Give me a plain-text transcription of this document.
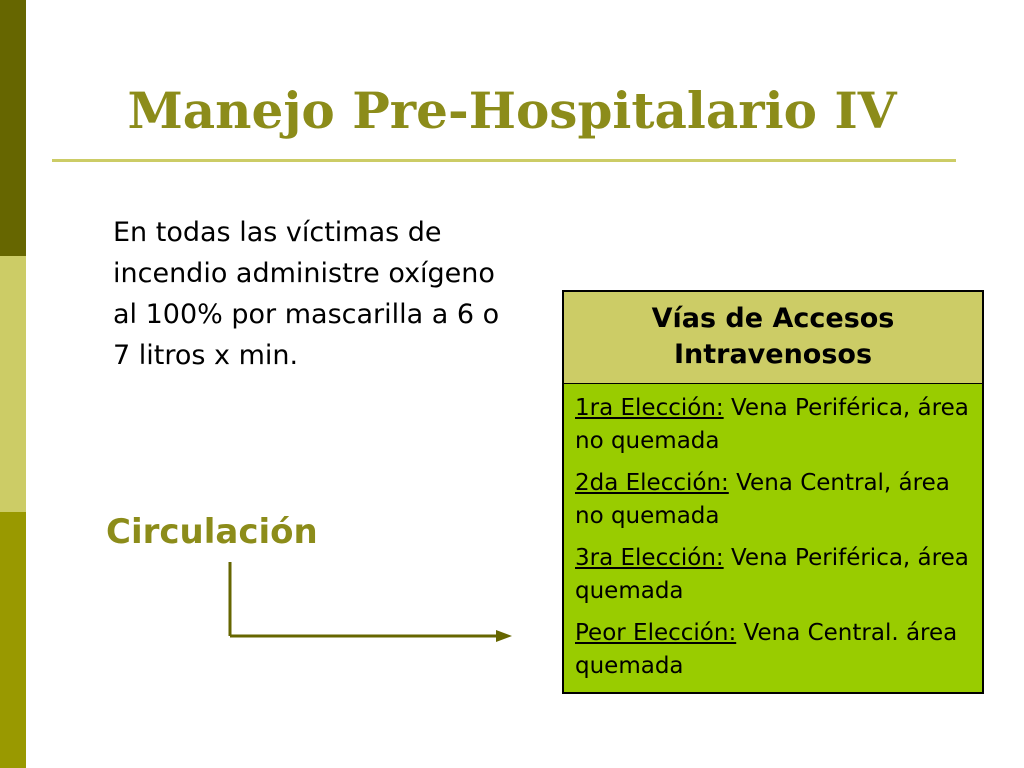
Manejo Pre-Hospitalario IV

En todas las víctimas de incendio administre oxígeno al 100% por mascarilla a 6 o 7 litros x min.

Circulación
Vías de Accesos Intravenosos
1ra Elección: Vena Periférica, área no quemada
2da Elección: Vena Central, área no quemada
3ra Elección: Vena Periférica, área quemada
Peor Elección: Vena Central. área quemada
